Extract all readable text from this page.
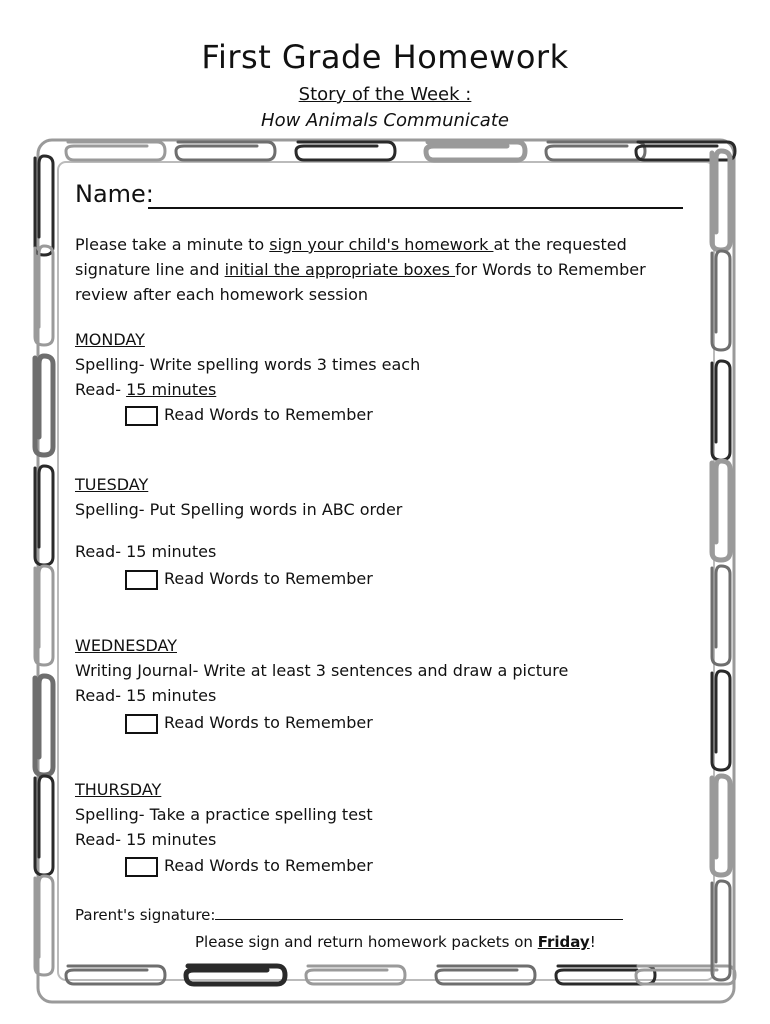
First Grade Homework
Story of the Week :
How Animals Communicate
Name:
Please take a minute to sign your child's homework at the requested signature line and initial the appropriate boxes for Words to Remember review after each homework session
MONDAY
Spelling- Write spelling words 3 times each
Read- 15 minutes
Read Words to Remember
TUESDAY
Spelling- Put Spelling words in ABC order
Read- 15 minutes
Read Words to Remember
WEDNESDAY
Writing Journal- Write at least 3 sentences and draw a picture
Read- 15 minutes
Read Words to Remember
THURSDAY
Spelling- Take a practice spelling test
Read- 15 minutes
Read Words to Remember
Parent's signature:
Please sign and return homework packets on Friday!
